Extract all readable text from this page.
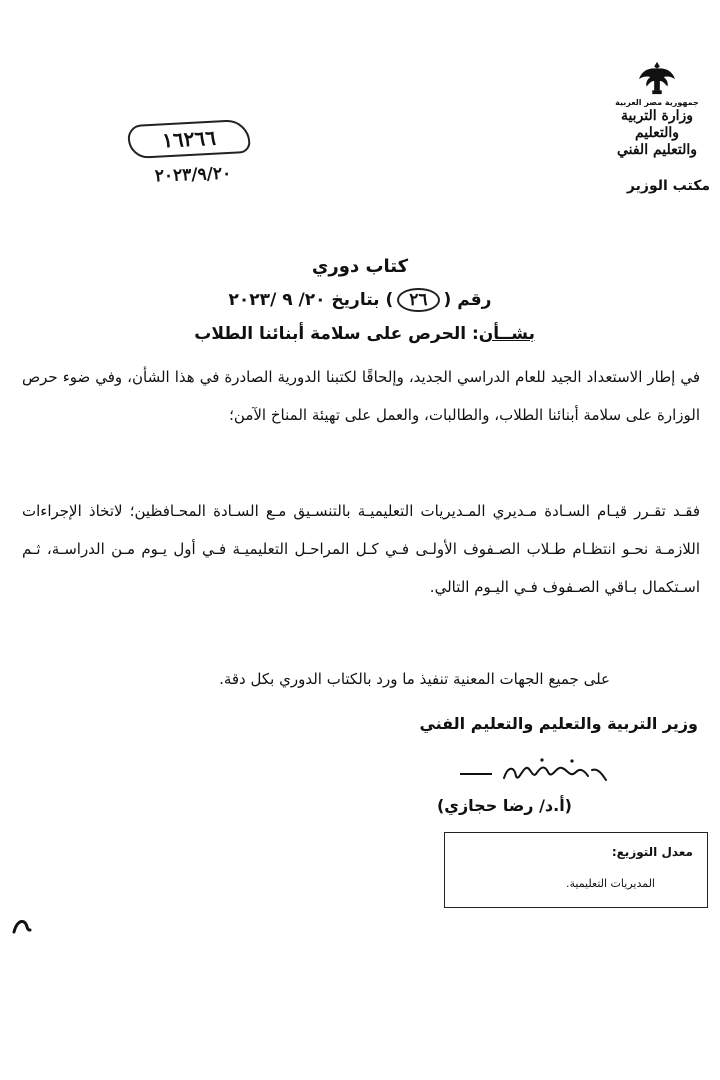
جمهورية مصر العربية
وزارة التربية والتعليم
والتعليم الفني
مكتب الوزير
١٦٢٦٦
٢٠٢٣/٩/٢٠
كتاب دوري
رقم (٢٦) بتاريخ ٢٠/ ٩ /٢٠٢٣
بشــأن: الحرص على سلامة أبنائنا الطلاب
في إطار الاستعداد الجيد للعام الدراسي الجديد، وإلحاقًا لكتبنا الدورية الصادرة في هذا الشأن، وفي ضوء حرص الوزارة على سلامة أبنائنا الطلاب، والطالبات، والعمل على تهيئة المناخ الآمن؛
فقـد تقـرر قيـام السـادة مـديري المـديريات التعليميـة بالتنسـيق مـع السـادة المحـافظين؛ لاتخاذ الإجراءات اللازمـة نحـو انتظـام طـلاب الصـفوف الأولـى فـي كـل المراحـل التعليميـة فـي أول يـوم مـن الدراسـة، ثـم اسـتكمال بـاقي الصـفوف فـي اليـوم التالي.
على جميع الجهات المعنية تنفيذ ما ورد بالكتاب الدوري بكل دقة.
وزير التربية والتعليم والتعليم الفني
(أ.د/ رضا حجازي)
معدل التوزيع:
المديريات التعليمية.
